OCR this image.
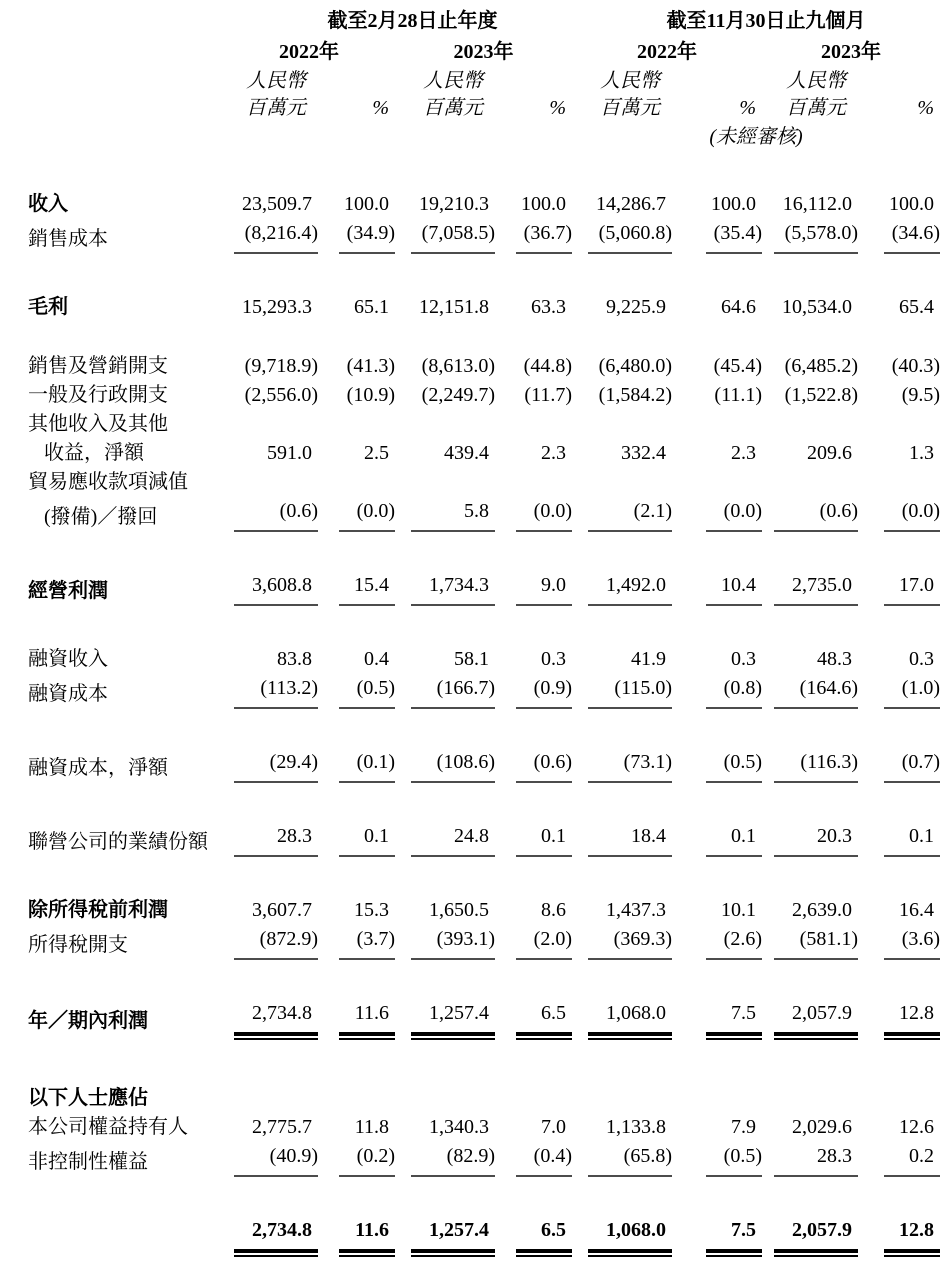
	截至2月28日止年度				截至11月30日止九個月			
	2022年		2023年		2022年		2023年	
	人民幣		人民幣		人民幣		人民幣	
	百萬元	%	百萬元	%	百萬元	%	百萬元	%
					(未經審核)			
收入	23,509.7	100.0	19,210.3	100.0	14,286.7	100.0	16,112.0	100.0
銷售成本	(8,216.4)	(34.9)	(7,058.5)	(36.7)	(5,060.8)	(35.4)	(5,578.0)	(34.6)
毛利	15,293.3	65.1	12,151.8	63.3	9,225.9	64.6	10,534.0	65.4
銷售及營銷開支	(9,718.9)	(41.3)	(8,613.0)	(44.8)	(6,480.0)	(45.4)	(6,485.2)	(40.3)
一般及行政開支	(2,556.0)	(10.9)	(2,249.7)	(11.7)	(1,584.2)	(11.1)	(1,522.8)	(9.5)
其他收入及其他								
收益，淨額	591.0	2.5	439.4	2.3	332.4	2.3	209.6	1.3
貿易應收款項減值								
(撥備)／撥回	(0.6)	(0.0)	5.8	(0.0)	(2.1)	(0.0)	(0.6)	(0.0)
經營利潤	3,608.8	15.4	1,734.3	9.0	1,492.0	10.4	2,735.0	17.0
融資收入	83.8	0.4	58.1	0.3	41.9	0.3	48.3	0.3
融資成本	(113.2)	(0.5)	(166.7)	(0.9)	(115.0)	(0.8)	(164.6)	(1.0)
融資成本，淨額	(29.4)	(0.1)	(108.6)	(0.6)	(73.1)	(0.5)	(116.3)	(0.7)
聯營公司的業績份額	28.3	0.1	24.8	0.1	18.4	0.1	20.3	0.1
除所得稅前利潤	3,607.7	15.3	1,650.5	8.6	1,437.3	10.1	2,639.0	16.4
所得稅開支	(872.9)	(3.7)	(393.1)	(2.0)	(369.3)	(2.6)	(581.1)	(3.6)
年／期內利潤	2,734.8	11.6	1,257.4	6.5	1,068.0	7.5	2,057.9	12.8
以下人士應佔								
本公司權益持有人	2,775.7	11.8	1,340.3	7.0	1,133.8	7.9	2,029.6	12.6
非控制性權益	(40.9)	(0.2)	(82.9)	(0.4)	(65.8)	(0.5)	28.3	0.2
	2,734.8	11.6	1,257.4	6.5	1,068.0	7.5	2,057.9	12.8
